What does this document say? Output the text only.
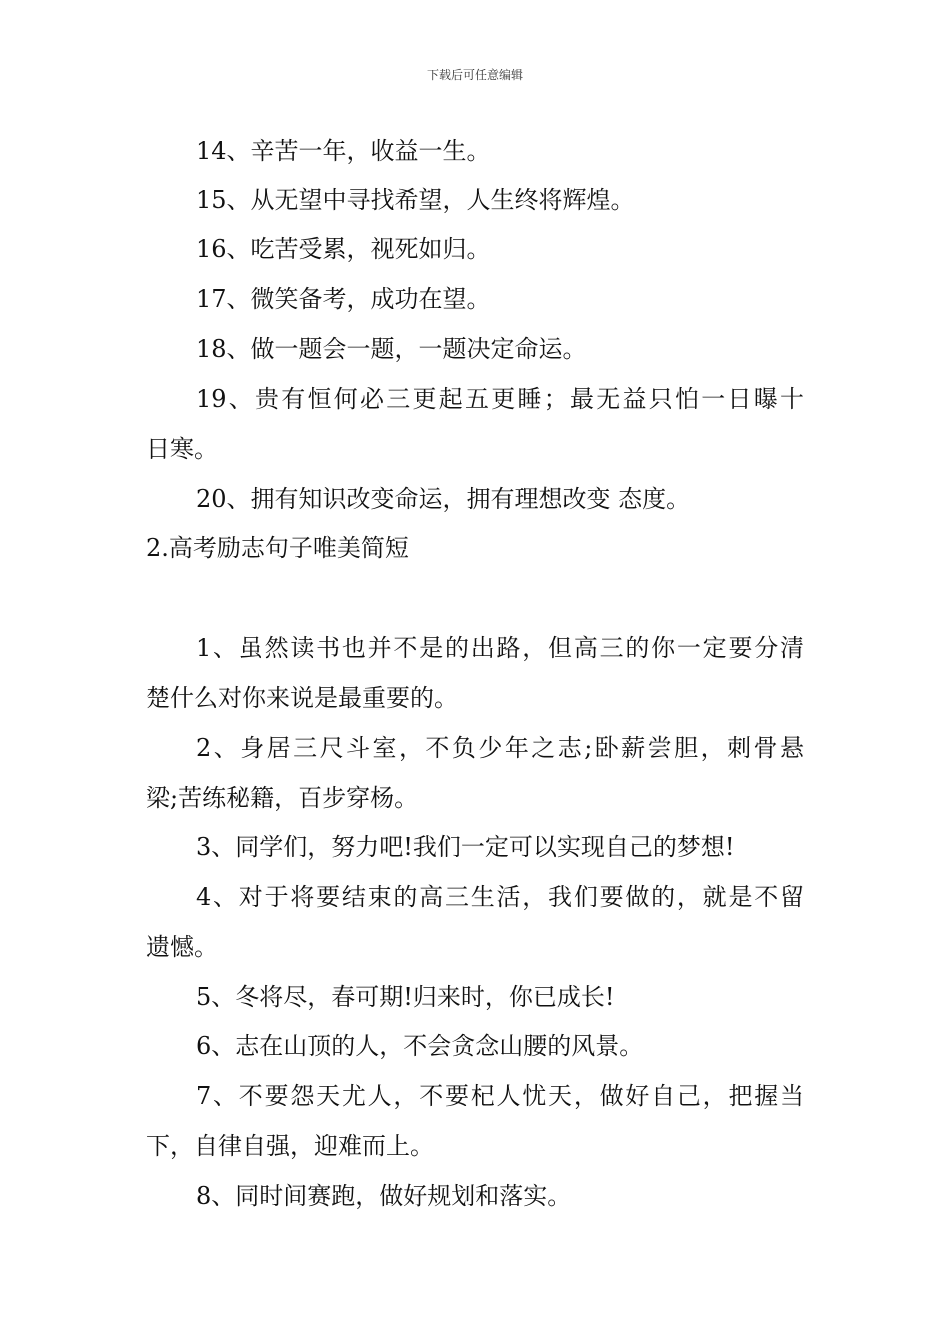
下载后可任意编辑
14、辛苦一年，收益一生。
15、从无望中寻找希望，人生终将辉煌。
16、吃苦受累，视死如归。
17、微笑备考，成功在望。
18、做一题会一题，一题决定命运。
19、贵有恒何必三更起五更睡；最无益只怕一日曝十
日寒。
20、拥有知识改变命运，拥有理想改变 态度。
2.高考励志句子唯美简短
1、虽然读书也并不是的出路，但高三的你一定要分清
楚什么对你来说是最重要的。
2、身居三尺斗室，不负少年之志;卧薪尝胆，刺骨悬
梁;苦练秘籍，百步穿杨。
3、同学们，努力吧!我们一定可以实现自己的梦想!
4、对于将要结束的高三生活，我们要做的，就是不留
遗憾。
5、冬将尽，春可期!归来时，你已成长!
6、志在山顶的人，不会贪念山腰的风景。
7、不要怨天尤人，不要杞人忧天，做好自己，把握当
下，自律自强，迎难而上。
8、同时间赛跑，做好规划和落实。
